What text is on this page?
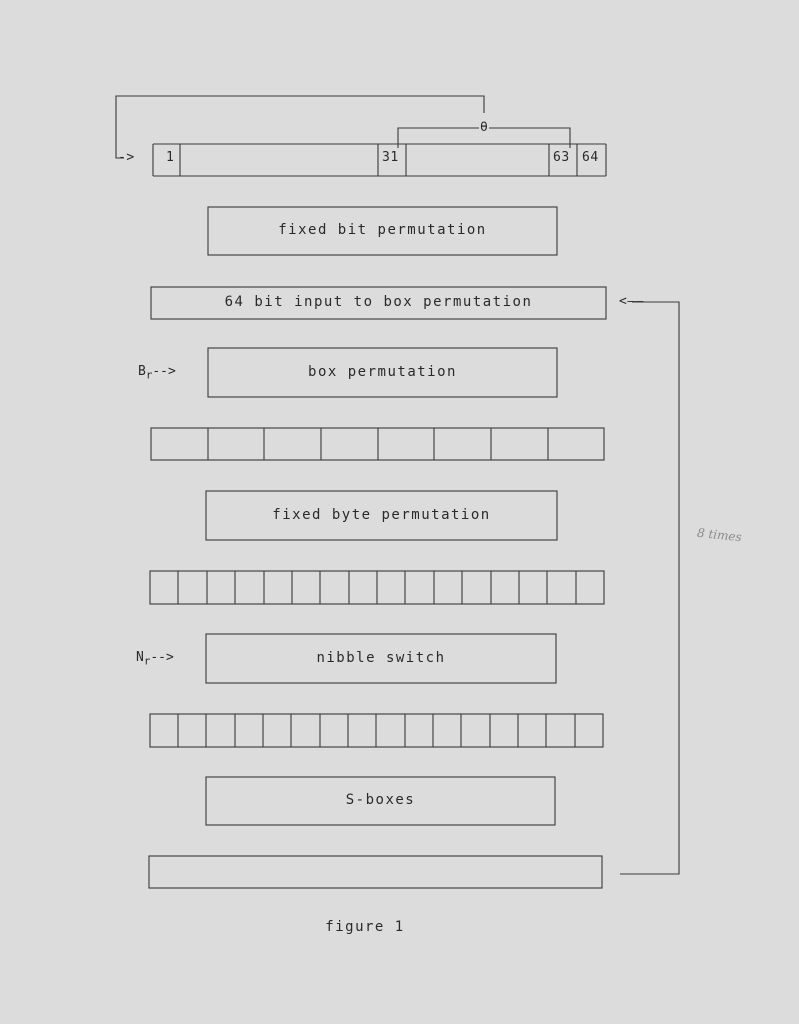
-> 1	31	63 64
θ
fixed bit permutation
64 bit input to box permutation
box permutation
fixed byte permutation
nibble switch
S-boxes
$B_r-->$
$N_r-->$
<——
8 times
figure 1
